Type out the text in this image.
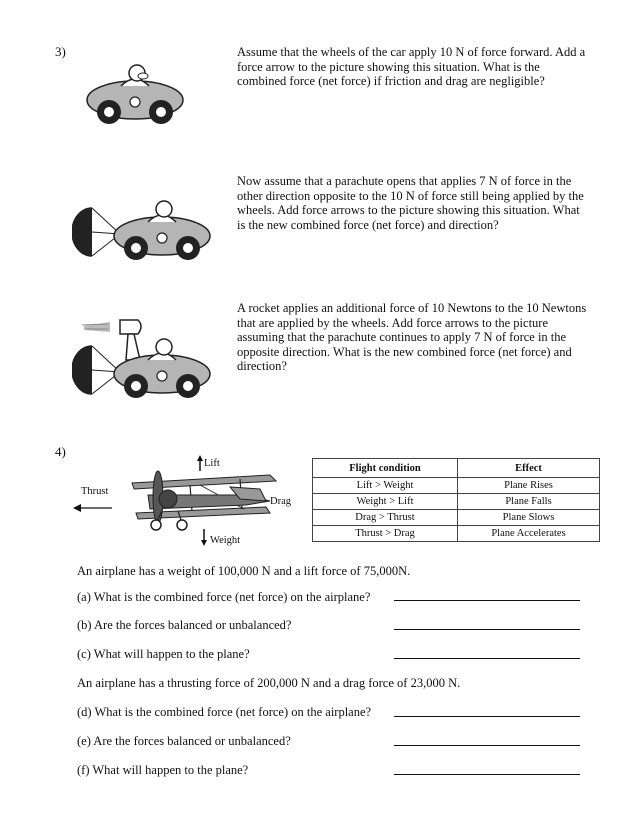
3)	Assume that the wheels of the car apply 10 N of force forward. Add a force arrow to the picture showing this situation. What is the combined force (net force) if friction and drag are negligible?
Now assume that a parachute opens that applies 7 N of force in the other direction opposite to the 10 N of force still being applied by the wheels. Add force arrows to the picture showing this situation. What is the new combined force (net force) and direction?
A rocket applies an additional force of 10 Newtons to the 10 Newtons that are applied by the wheels. Add force arrows to the picture assuming that the parachute continues to apply 7 N of force in the opposite direction. What is the new combined force (net force) and direction?
4)
Lift
Thrust
Drag
Weight
Flight condition	Effect
Lift > Weight	Plane Rises
Weight > Lift	Plane Falls
Drag > Thrust	Plane Slows
Thrust > Drag	Plane Accelerates
An airplane has a weight of 100,000 N and a lift force of 75,000N.
(a) What is the combined force (net force) on the airplane?
(b) Are the forces balanced or unbalanced?
(c) What will happen to the plane?
An airplane has a thrusting force of 200,000 N and a drag force of 23,000 N.
(d) What is the combined force (net force) on the airplane?
(e) Are the forces balanced or unbalanced?
(f) What will happen to the plane?
